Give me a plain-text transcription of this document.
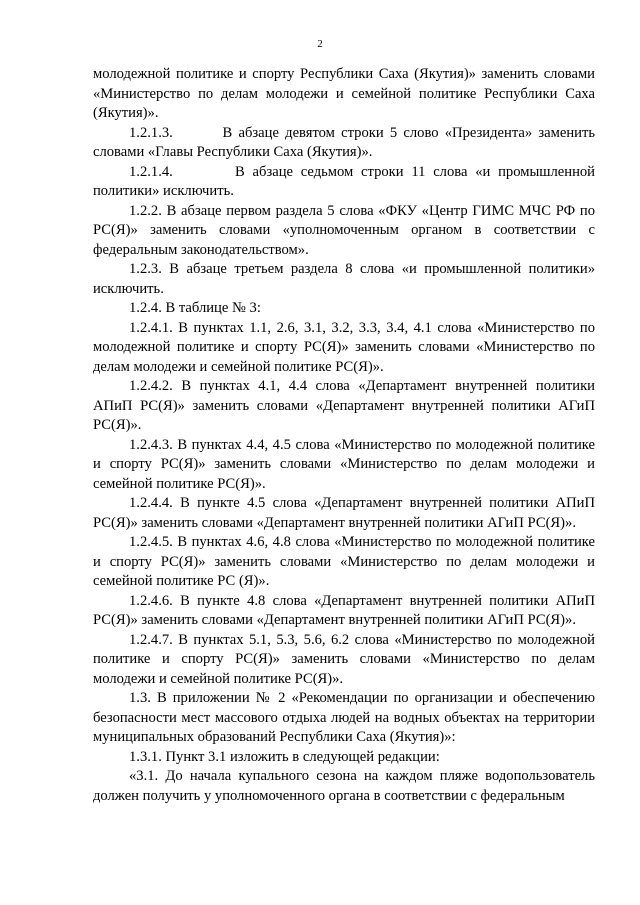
2

молодежной политике и спорту Республики Саха (Якутия)» заменить словами «Министерство по делам молодежи и семейной политике Республики Саха (Якутия)».

1.2.1.3.        В абзаце девятом строки 5 слово «Президента» заменить словами «Главы Республики Саха (Якутия)».

1.2.1.4.        В абзаце седьмом строки 11 слова «и промышленной политики» исключить.

1.2.2. В абзаце первом раздела 5 слова «ФКУ «Центр ГИМС МЧС РФ по РС(Я)» заменить словами «уполномоченным органом в соответствии с федеральным законодательством».

1.2.3. В абзаце третьем раздела 8 слова «и промышленной политики» исключить.

1.2.4. В таблице № 3:

1.2.4.1. В пунктах 1.1, 2.6, 3.1, 3.2, 3.3, 3.4, 4.1 слова «Министерство по молодежной политике и спорту РС(Я)» заменить словами «Министерство по делам молодежи и семейной политике РС(Я)».

1.2.4.2. В пунктах 4.1, 4.4 слова «Департамент внутренней политики АПиП РС(Я)» заменить словами «Департамент внутренней политики АГиП РС(Я)».

1.2.4.3. В пунктах 4.4, 4.5 слова «Министерство по молодежной политике и спорту РС(Я)» заменить словами «Министерство по делам молодежи и семейной политике РС(Я)».

1.2.4.4. В пункте 4.5 слова «Департамент внутренней политики АПиП РС(Я)» заменить словами «Департамент внутренней политики АГиП РС(Я)».

1.2.4.5. В пунктах 4.6, 4.8 слова «Министерство по молодежной политике и спорту РС(Я)» заменить словами «Министерство по делам молодежи и семейной политике РС (Я)».

1.2.4.6. В пункте 4.8 слова «Департамент внутренней политики АПиП РС(Я)» заменить словами «Департамент внутренней политики АГиП РС(Я)».

1.2.4.7. В пунктах 5.1, 5.3, 5.6, 6.2 слова «Министерство по молодежной политике и спорту РС(Я)» заменить словами «Министерство по делам молодежи и семейной политике РС(Я)».

1.3. В приложении № 2 «Рекомендации по организации и обеспечению безопасности мест массового отдыха людей на водных объектах на территории муниципальных образований Республики Саха (Якутия)»:

1.3.1. Пункт 3.1 изложить в следующей редакции:

«3.1. До начала купального сезона на каждом пляже водопользователь должен получить у уполномоченного органа в соответствии с федеральным
